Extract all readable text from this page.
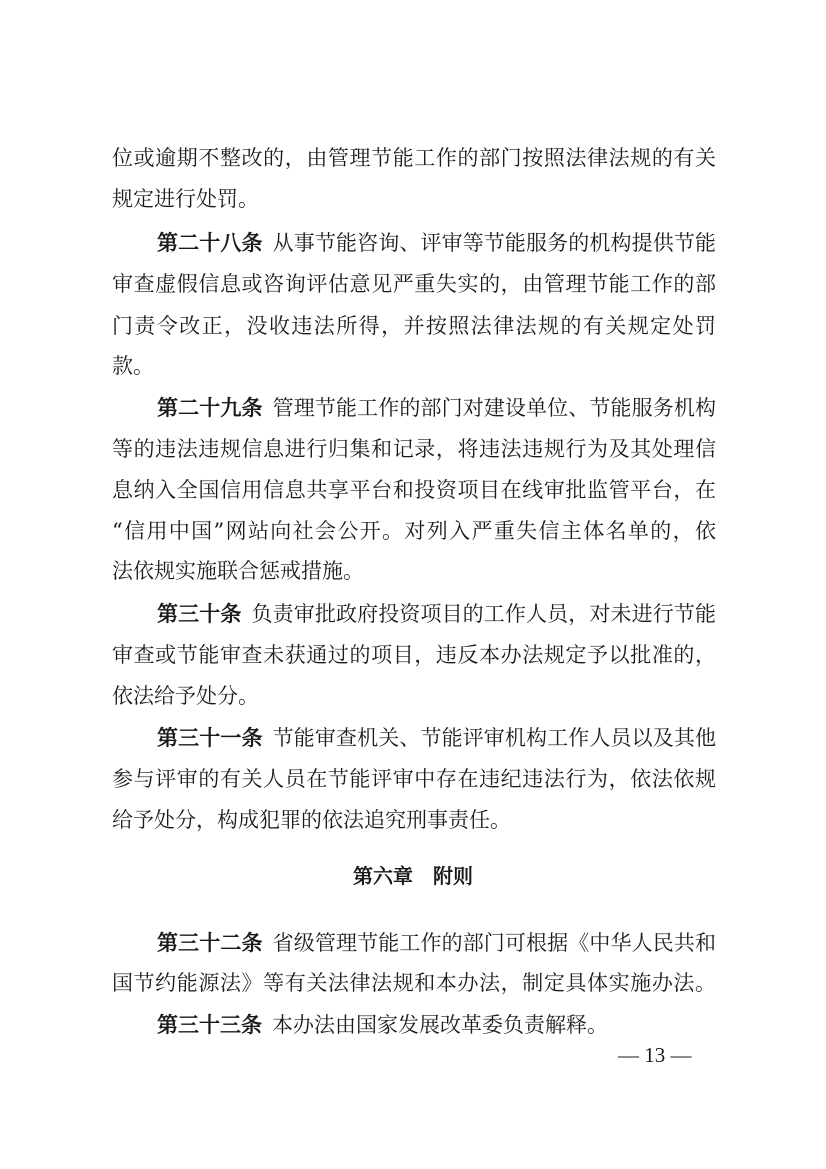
位或逾期不整改的，由管理节能工作的部门按照法律法规的有关
规定进行处罚。
第二十八条 从事节能咨询、评审等节能服务的机构提供节能
审查虚假信息或咨询评估意见严重失实的，由管理节能工作的部
门责令改正，没收违法所得，并按照法律法规的有关规定处罚
款。
第二十九条 管理节能工作的部门对建设单位、节能服务机构
等的违法违规信息进行归集和记录，将违法违规行为及其处理信
息纳入全国信用信息共享平台和投资项目在线审批监管平台，在
“信用中国”网站向社会公开。对列入严重失信主体名单的，依
法依规实施联合惩戒措施。
第三十条 负责审批政府投资项目的工作人员，对未进行节能
审查或节能审查未获通过的项目，违反本办法规定予以批准的，
依法给予处分。
第三十一条 节能审查机关、节能评审机构工作人员以及其他
参与评审的有关人员在节能评审中存在违纪违法行为，依法依规
给予处分，构成犯罪的依法追究刑事责任。
第六章　附则
第三十二条 省级管理节能工作的部门可根据《中华人民共和
国节约能源法》等有关法律法规和本办法，制定具体实施办法。
第三十三条 本办法由国家发展改革委负责解释。
— 13 —
